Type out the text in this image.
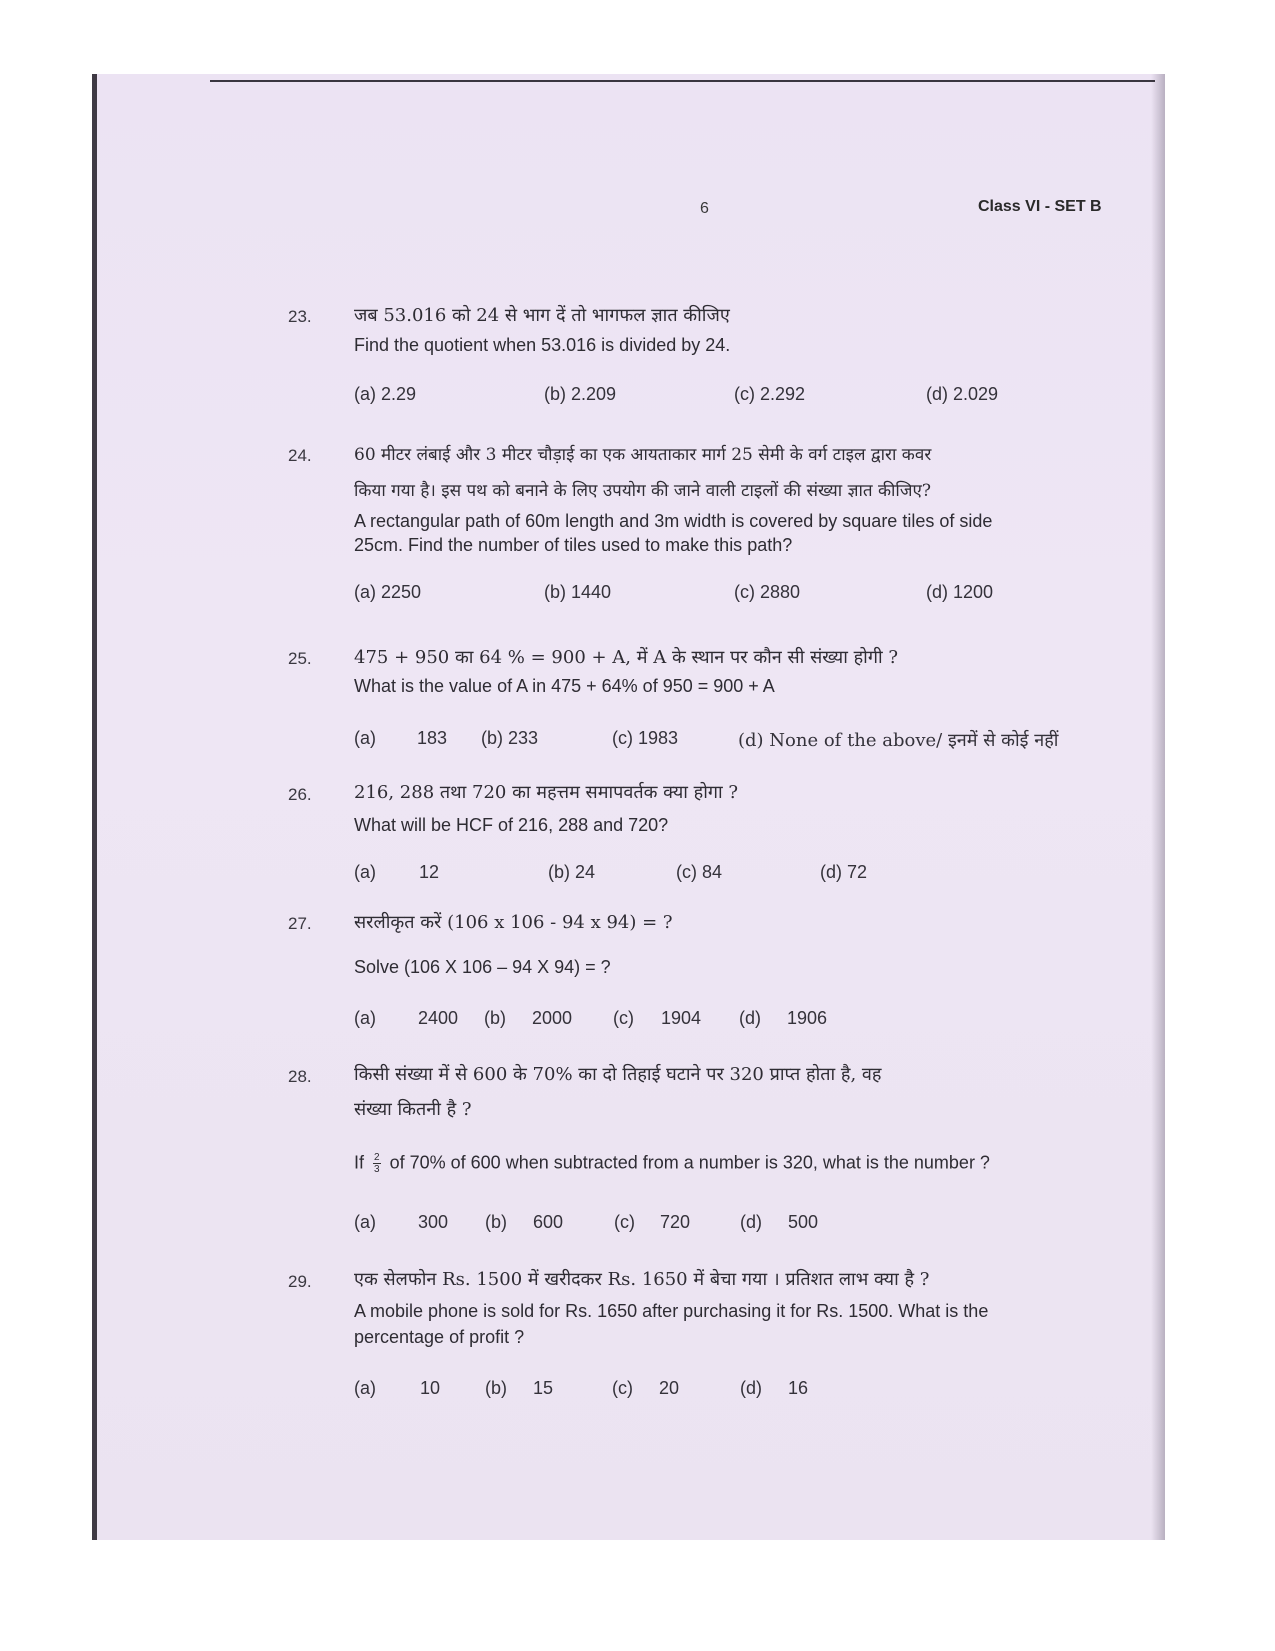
6	Class VI - SET B
23. जब 53.016 को 24 से भाग दें तो भागफल ज्ञात कीजिए
Find the quotient when 53.016 is divided by 24.
(a) 2.29	(b) 2.209	(c) 2.292	(d) 2.029
24. 60 मीटर लंबाई और 3 मीटर चौड़ाई का एक आयताकार मार्ग 25 सेमी के वर्ग टाइल द्वारा कवर
किया गया है। इस पथ को बनाने के लिए उपयोग की जाने वाली टाइलों की संख्या ज्ञात कीजिए?
A rectangular path of 60m length and 3m width is covered by square tiles of side
25cm. Find the number of tiles used to make this path?
(a) 2250	(b) 1440	(c) 2880	(d) 1200
25. 475 + 950 का 64 % = 900 + A, में A के स्थान पर कौन सी संख्या होगी ?
What is the value of A in 475 + 64% of 950 = 900 + A
(a) 183 (b) 233	(c) 1983	(d) None of the above/ इनमें से कोई नहीं
26. 216, 288 तथा 720 का महत्तम समापवर्तक क्या होगा ?
What will be HCF of 216, 288 and 720?
(a) 12	(b) 24	(c) 84	(d) 72
27. सरलीकृत करें (106 x 106 - 94 x 94) = ?
Solve (106 X 106 – 94 X 94) = ?
(a) 2400 (b) 2000 (c) 1904 (d) 1906
28. किसी संख्या में से 600 के 70% का दो तिहाई घटाने पर 320 प्राप्त होता है, वह
संख्या कितनी है ?
If $\frac{2}{3}$ of 70% of 600 when subtracted from a number is 320, what is the number ?
(a) 300 (b) 600	(c) 720	(d) 500
29. एक सेलफोन Rs. 1500 में खरीदकर Rs. 1650 में बेचा गया । प्रतिशत लाभ क्या है ?
A mobile phone is sold for Rs. 1650 after purchasing it for Rs. 1500. What is the
percentage of profit ?
(a) 10 (b) 15	(c) 20	(d) 16
